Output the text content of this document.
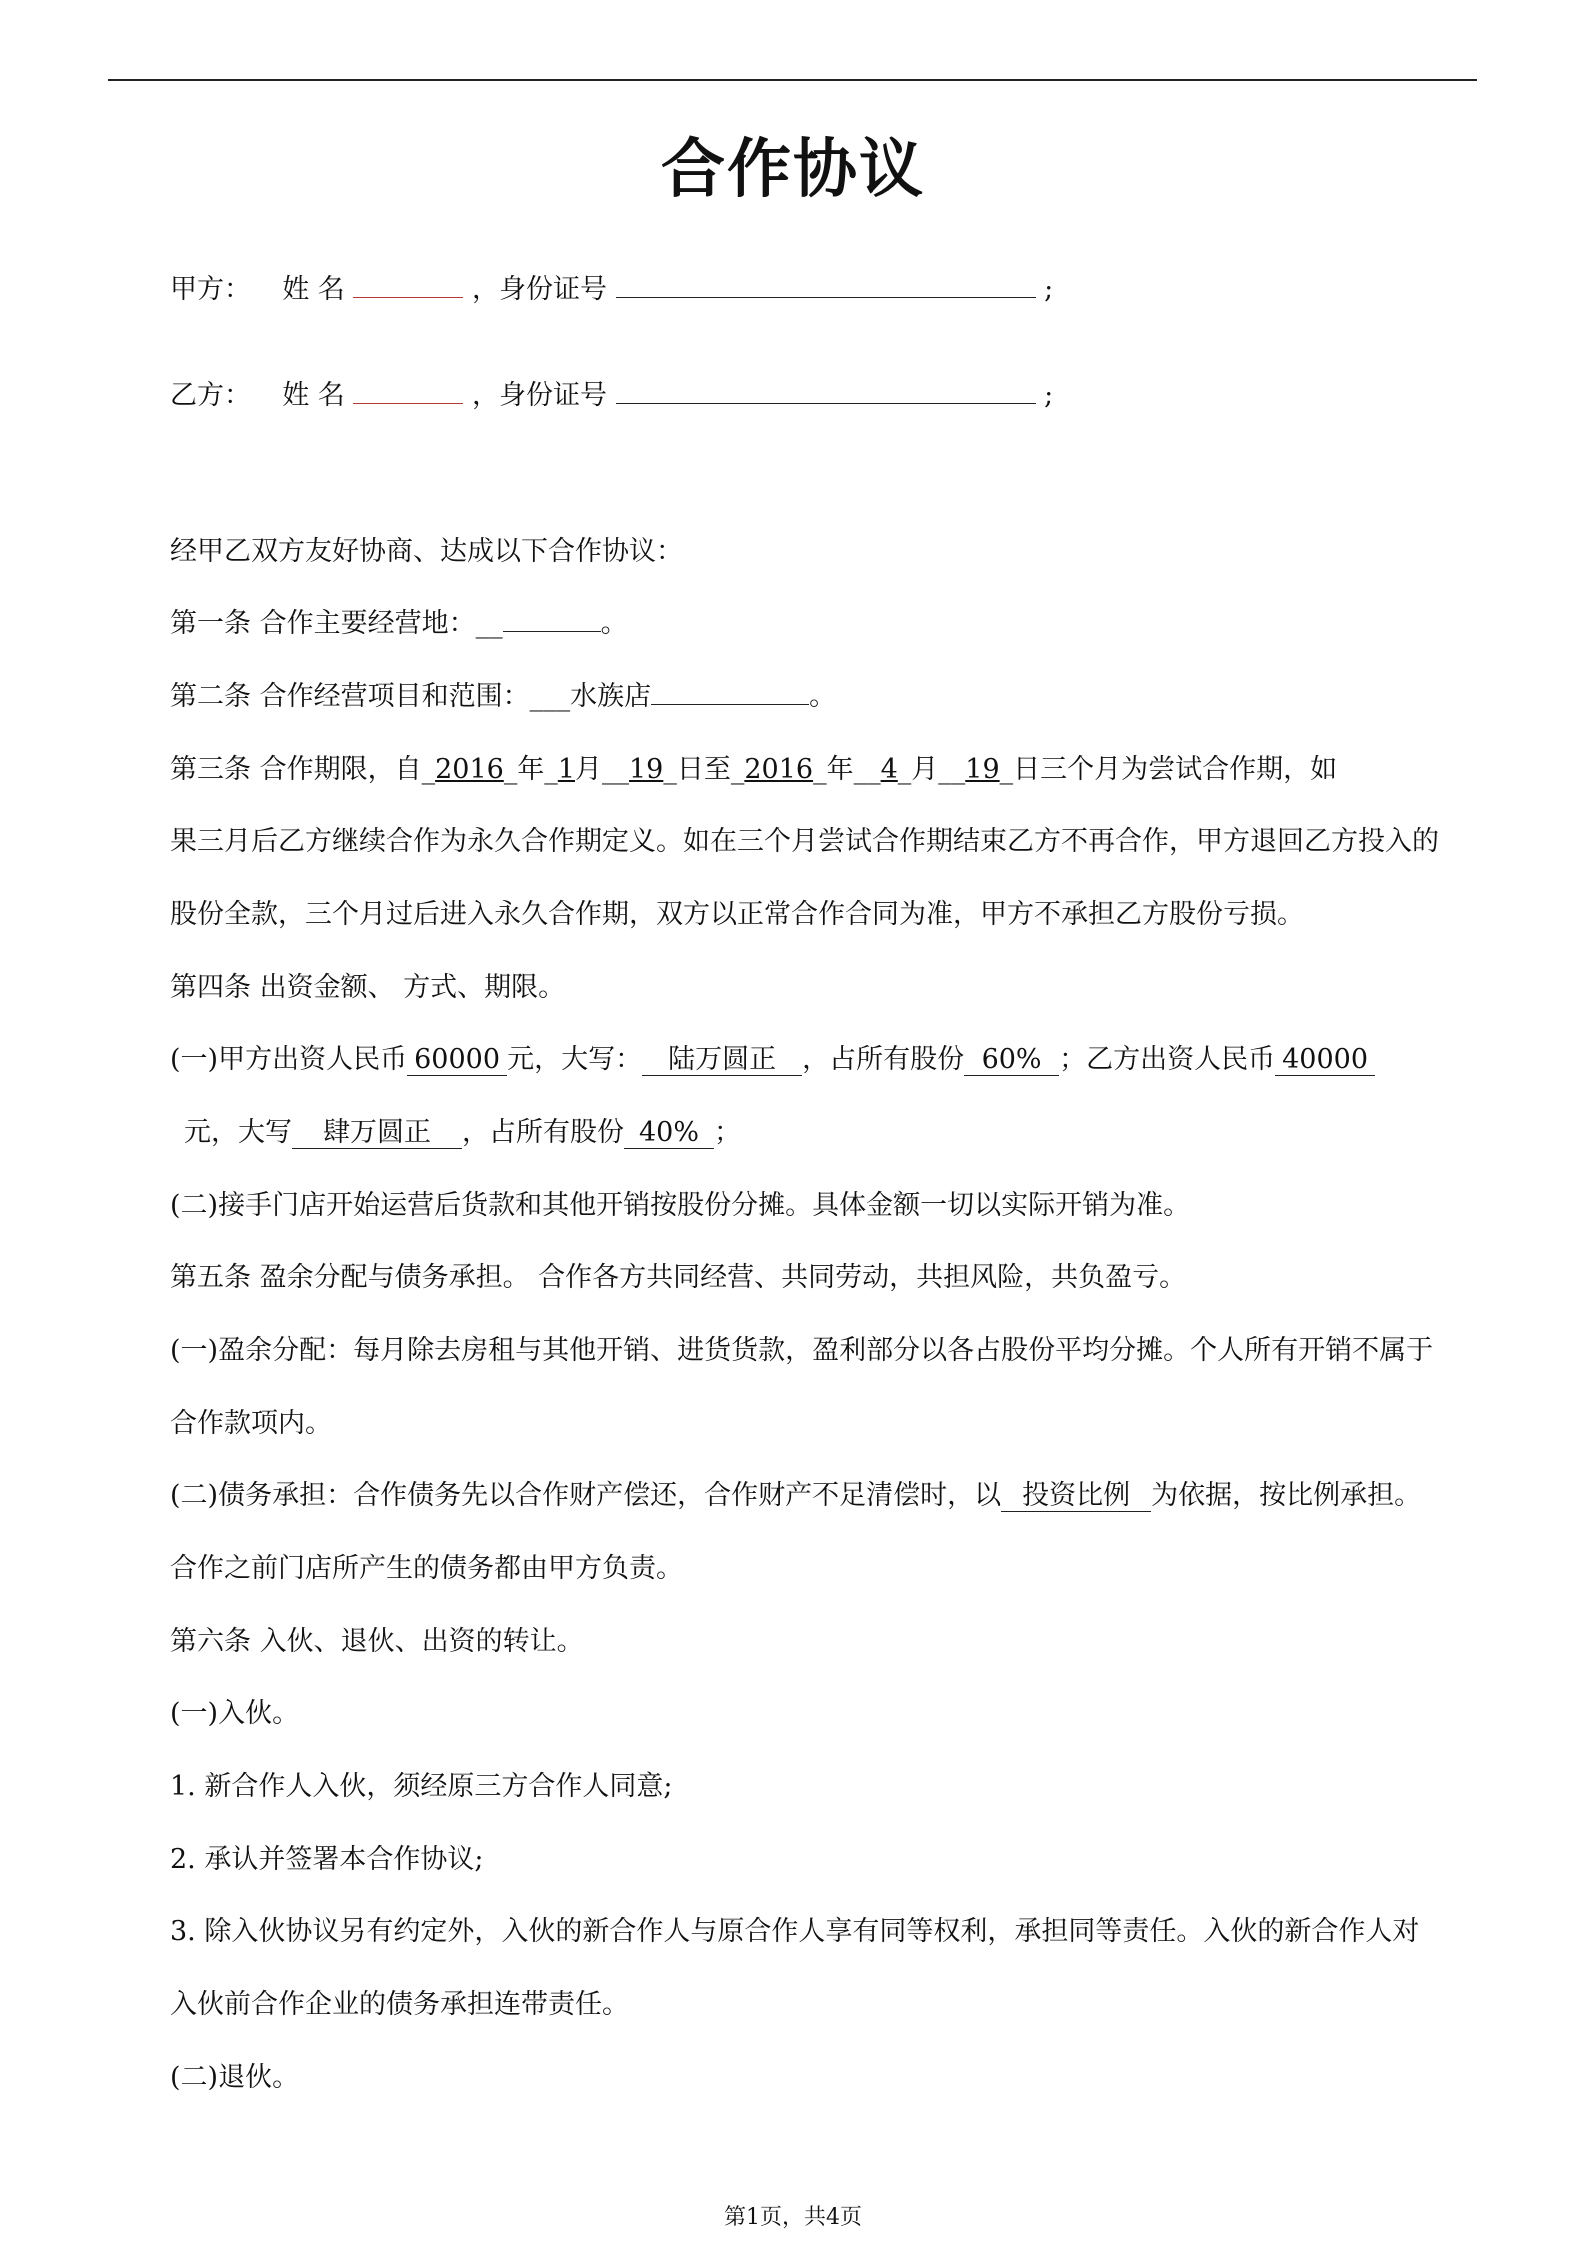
合作协议
甲方： 姓 名	，身份证号	;
乙方： 姓 名	，身份证号	;
经甲乙双方友好协商、达成以下合作协议：
第一条 合作主要经营地：__	。
第二条 合作经营项目和范围：___水族店	。
第三条 合作期限，自_2016_年_1月__19_日至_2016_年__4_月__19_日三个月为尝试合作期，如
果三月后乙方继续合作为永久合作期定义。如在三个月尝试合作期结束乙方不再合作，甲方退回乙方投入的
股份全款，三个月过后进入永久合作期，双方以正常合作合同为准，甲方不承担乙方股份亏损。
第四条 出资金额、 方式、期限。
(一)甲方出资人民币 60000 元，大写： 陆万圆正 ，占所有股份 60% ；乙方出资人民币 40000
元，大写 肆万圆正 ，占所有股份 40% ；
(二)接手门店开始运营后货款和其他开销按股份分摊。具体金额一切以实际开销为准。
第五条 盈余分配与债务承担。 合作各方共同经营、共同劳动，共担风险，共负盈亏。
(一)盈余分配：每月除去房租与其他开销、进货货款，盈利部分以各占股份平均分摊。个人所有开销不属于
合作款项内。
(二)债务承担：合作债务先以合作财产偿还，合作财产不足清偿时，以 投资比例 为依据，按比例承担。
合作之前门店所产生的债务都由甲方负责。
第六条 入伙、退伙、出资的转让。
(一)入伙。
1. 新合作人入伙，须经原三方合作人同意;
2. 承认并签署本合作协议;
3. 除入伙协议另有约定外，入伙的新合作人与原合作人享有同等权利，承担同等责任。入伙的新合作人对
入伙前合作企业的债务承担连带责任。
(二)退伙。
第1页，共4页
